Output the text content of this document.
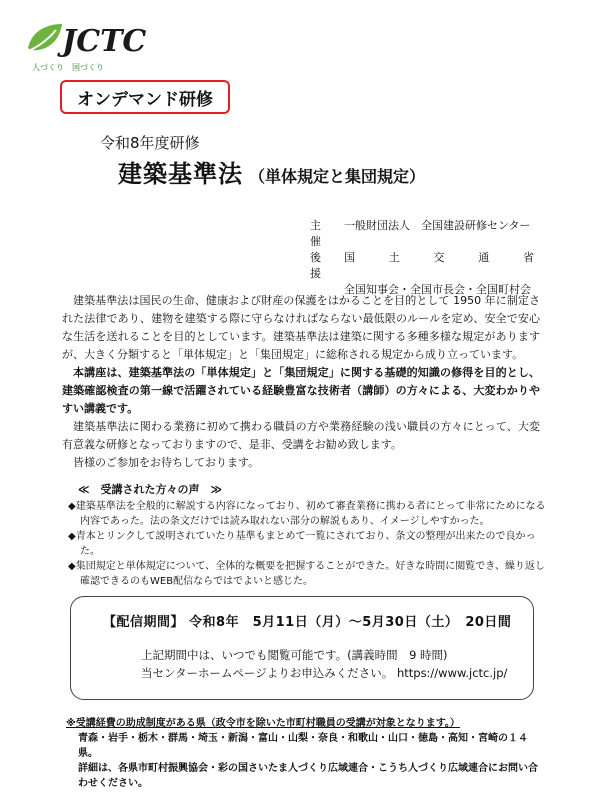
JCTC
人づくり　国づくり
オンデマンド研修
令和8年度研修
建築基準法 （単体規定と集団規定）
主　催
一般財団法人　全国建設研修センター
後　援
国	土	交	通	省
全国知事会・全国市長会・全国町村会

建築基準法は国民の生命、健康および財産の保護をはかることを目的として 1950 年に制定された法律であり、建物を建築する際に守らなければならない最低限のルールを定め、安全で安心な生活を送れることを目的としています。建築基準法は建築に関する多種多様な規定がありますが、大きく分類すると「単体規定」と「集団規定」に総称される規定から成り立っています。

本講座は、建築基準法の「単体規定」と「集団規定」に関する基礎的知識の修得を目的とし、建築確認検査の第一線で活躍されている経験豊富な技術者（講師）の方々による、大変わかりやすい講義です。

建築基準法に関わる業務に初めて携わる職員の方や業務経験の浅い職員の方々にとって、大変有意義な研修となっておりますので、是非、受講をお勧め致します。

皆様のご参加をお待ちしております。

≪　受講された方々の声　≫

◆建築基準法を全般的に解説する内容になっており、初めて審査業務に携わる者にとって非常にためになる内容であった。法の条文だけでは読み取れない部分の解説もあり、イメージしやすかった。

◆青本とリンクして説明されていたり基準もまとめて一覧にされており、条文の整理が出来たので良かった。

◆集団規定と単体規定について、全体的な概要を把握することができた。好きな時間に閲覧でき、繰り返し確認できるのもWEB配信ならではでよいと感じた。

【配信期間】 令和8年　5月11日（月）～5月30日（土）　20日間
上記期間中は、いつでも閲覧可能です。(講義時間　9 時間)
当センターホームページよりお申込みください。 https://www.jctc.jp/
※受講経費の助成制度がある県（政令市を除いた市町村職員の受講が対象となります。）
青森・岩手・栃木・群馬・埼玉・新潟・富山・山梨・奈良・和歌山・山口・徳島・高知・宮崎の１４県。
詳細は、各県市町村振興協会・彩の国さいたま人づくり広域連合・こうち人づくり広域連合にお問い合わせください。
